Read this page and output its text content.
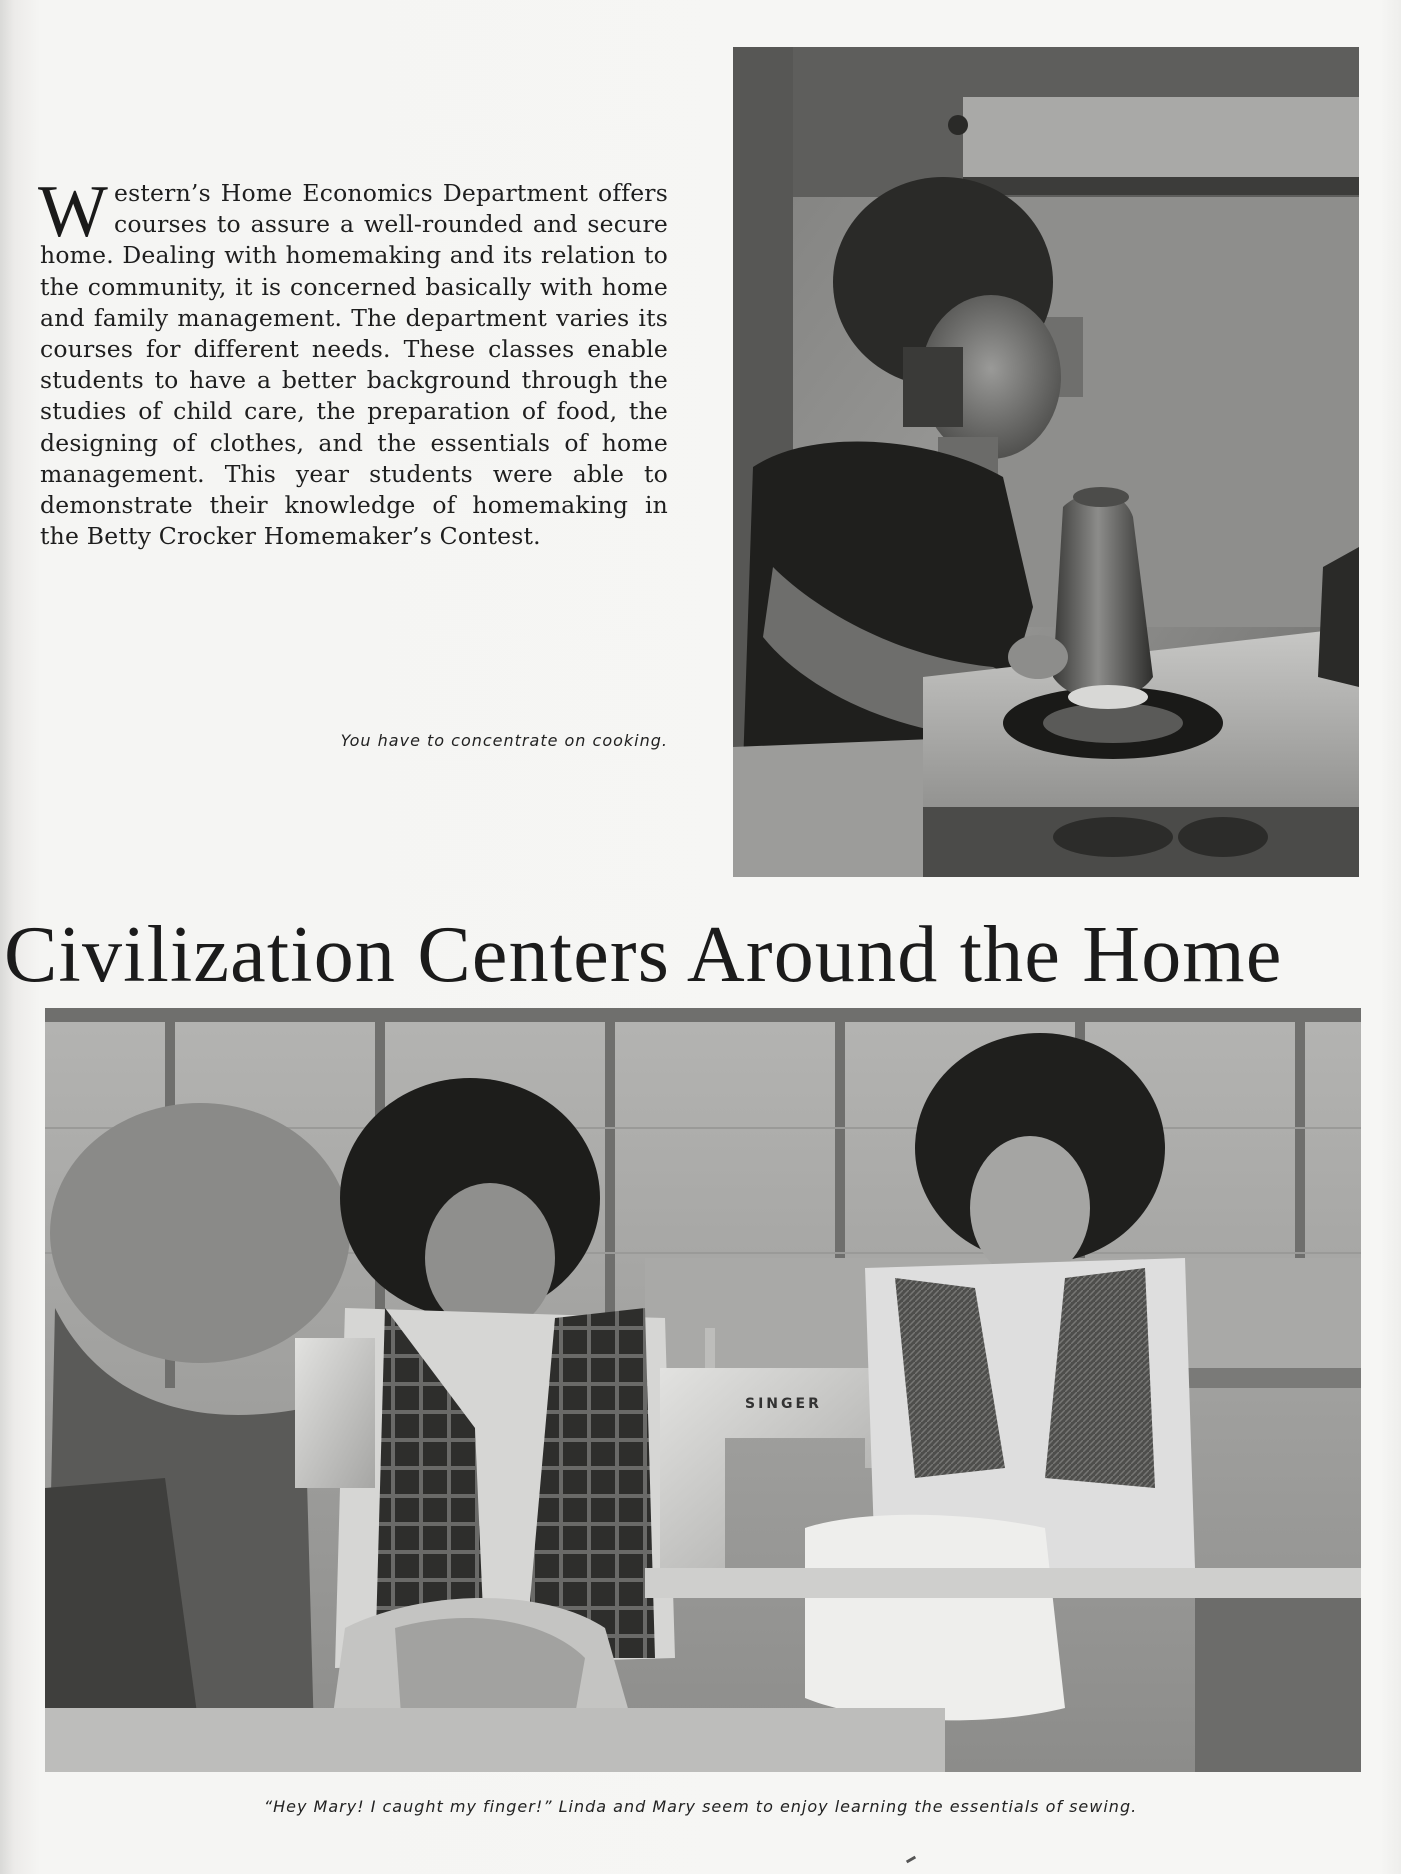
Western’s Home Economics Department offers courses to assure a well-rounded and secure home. Dealing with homemaking and its relation to the community, it is concerned basically with home and family management. The department varies its courses for different needs. These classes enable students to have a better background through the studies of child care, the preparation of food, the designing of clothes, and the essentials of home management. This year students were able to demonstrate their knowledge of homemaking in the Betty Crocker Homemaker’s Contest.
You have to concentrate on cooking.
Civilization Centers Around the Home
SINGER
“Hey Mary! I caught my finger!” Linda and Mary seem to enjoy learning the essentials of sewing.
